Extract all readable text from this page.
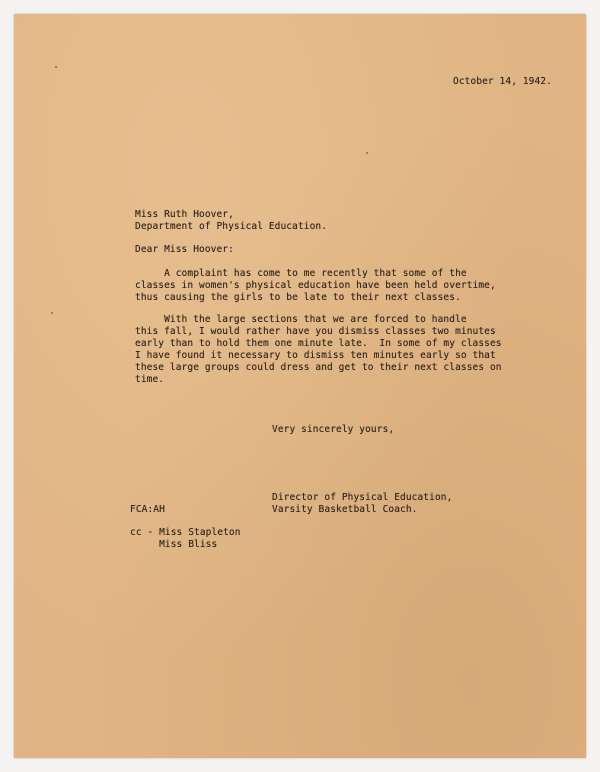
October 14, 1942.
Miss Ruth Hoover,
Department of Physical Education.
Dear Miss Hoover:
A complaint has come to me recently that some of the
classes in women's physical education have been held overtime,
thus causing the girls to be late to their next classes.
With the large sections that we are forced to handle
this fall, I would rather have you dismiss classes two minutes
early than to hold them one minute late.  In some of my classes
I have found it necessary to dismiss ten minutes early so that
these large groups could dress and get to their next classes on
time.
Very sincerely yours,
Director of Physical Education,
Varsity Basketball Coach.
FCA:AH
cc - Miss Stapleton
Miss Bliss
